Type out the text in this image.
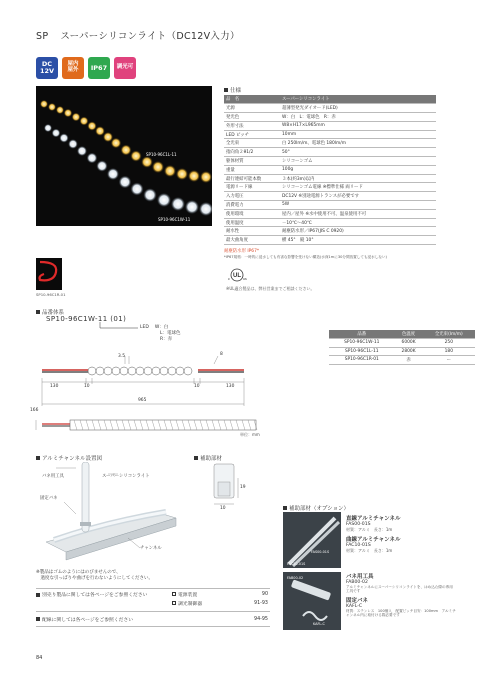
SP スーパーシリコンライト（DC12V入力）
DC
12V
屋内
屋外 IP67 調光可
SP10-96C1L-11
SP10-96C1W-11
SP10-96C1R-01
仕様
品　名	スーパーシリコンライト
光源	超薄型発光ダイオード(LED)
発光色	W：白　L：電球色　R：赤
外形寸法	W8×H17×L965mm
LED ピッチ	10mm
全光束	白 250lm/m、電球色 180lm/m
指向角２θ1/2	50°
躯体材質	シリコーンゴム
重量	100g
最行連結可能本数	３本(約3m)以内
電源リード線	シリコーンゴム電線 ※標準仕様 両リード
入力電圧	DC12V ※別途電源トランスが必要です
消費電力	5W
使用環境	屋内／屋外 ※水中使用不可、温泉使用不可
使用温度	－10℃～40℃
耐水性	耐塵防水形／IP67(JIS C 0920)
最大曲角度	横 45°　縦 10°
耐塵防水形 IP67*
*IP67規格：一時的に浸水しても有害な影響を受けない構造(水深1mに30分間放置しても浸水しない)
UL
c	us
※UL適合製品は、弊社営業までご相談ください。
品番体系
SP10-96C1W-11 (01)
LED W：白
L：電球色
R：赤
品番	色温度	全光束(lm/m)
SP10-96C1W-11	6000K	250
SP10-96C1L-11	2800K	180
SP10-96C1R-01	赤	ー
3.5	8
130	10	10	130
965
166
単位：mm
アルミチャンネル設置図
バネ用工具	スーパーシリコンライト
固定バネ
チャンネル
補助部材
19
10	補助部材（オプション）
FAS00-01S
FAC10-01S
直線アルミチャンネル
FAS00-01S
材質：アルミ　長さ：1m
曲線アルミチャンネル
FAC10-01S
材質：アルミ　長さ：1m
FAB00-02
KAFL-C
バネ用工具
FAB00-02
アルミチャンネルにスーパーシリコンライトを、はめ込む際の専用工具です
固定バネ
KAFL-C
材質：ステンレス　100個入　配置ピッチ目安：100mm　アルミチャンネル内に取付ける際必要です
※製品はゴムのようにはのびませんので、
　過度な引っぱりや曲げを行わないようにしてください。
別売り製品に関しては各ページをご参照ください	電源装置	90
調光制御器	91-93
配線に関しては各ページをご参照ください	94-95
84
